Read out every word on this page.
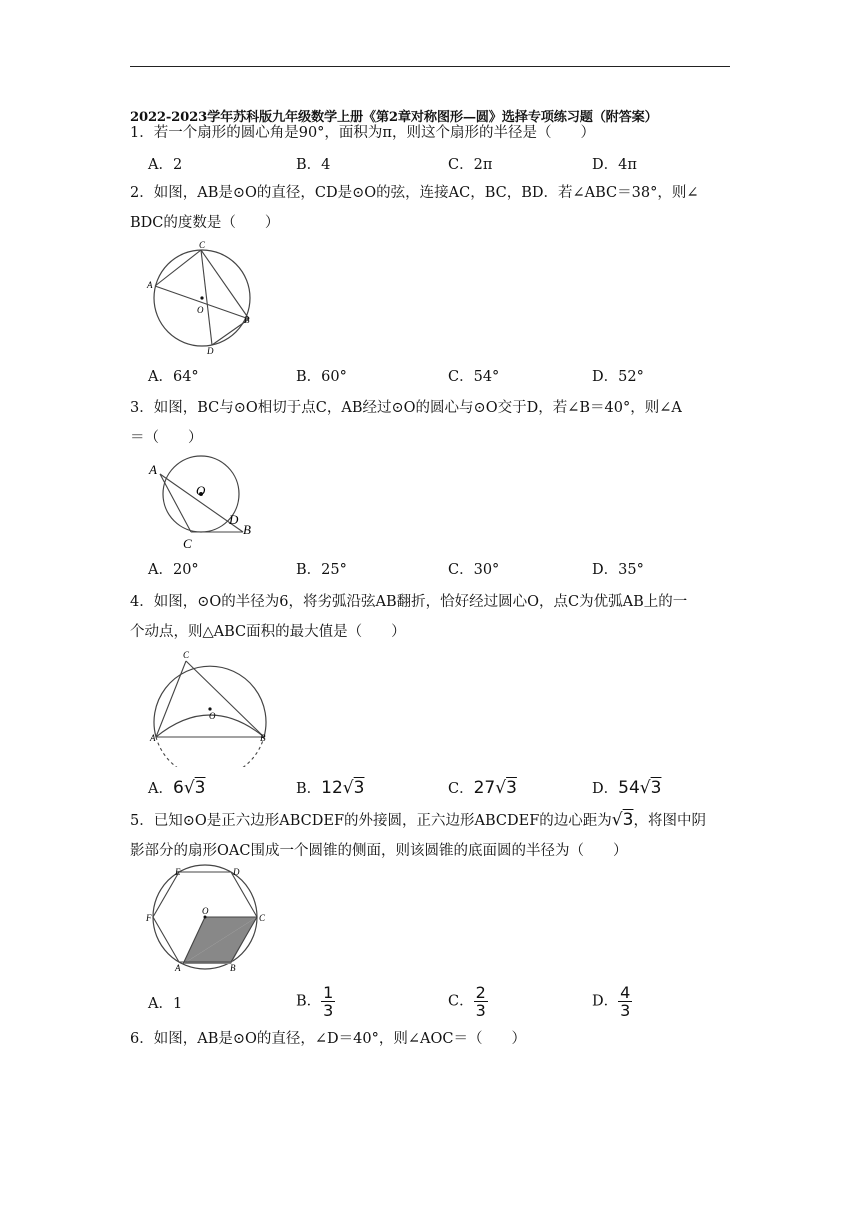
2022-2023学年苏科版九年级数学上册《第2章对称图形—圆》选择专项练习题（附答案）
1．若一个扇形的圆心角是90°，面积为π，则这个扇形的半径是（　　）
A．2	B．4	C．2π	D．4π
2．如图，AB是⊙O的直径，CD是⊙O的弦，连接AC，BC，BD．若∠ABC＝38°，则∠
BDC的度数是（　　）
C
A
O
B
D
A．64°	B．60°	C．54°	D．52°
3．如图，BC与⊙O相切于点C，AB经过⊙O的圆心与⊙O交于D，若∠B＝40°，则∠A
＝（　　）
A
O
D
B
C
A．20°	B．25°	C．30°	D．35°
4．如图，⊙O的半径为6，将劣弧沿弦AB翻折，恰好经过圆心O，点C为优弧AB上的一
个动点，则△ABC面积的最大值是（　　）
C
O
A	B
A．6√3	B．12√3	C．27√3	D．54√3
5．已知⊙O是正六边形ABCDEF的外接圆，正六边形ABCDEF的边心距为√3，将图中阴
影部分的扇形OAC围成一个圆锥的侧面，则该圆锥的底面圆的半径为（　　）
E	D
F
O
C
A	B
A．1	B． $\frac{1}{3}$	C． $\frac{2}{3}$	D． $\frac{4}{3}$
6．如图，AB是⊙O的直径，∠D＝40°，则∠AOC＝（　　）
